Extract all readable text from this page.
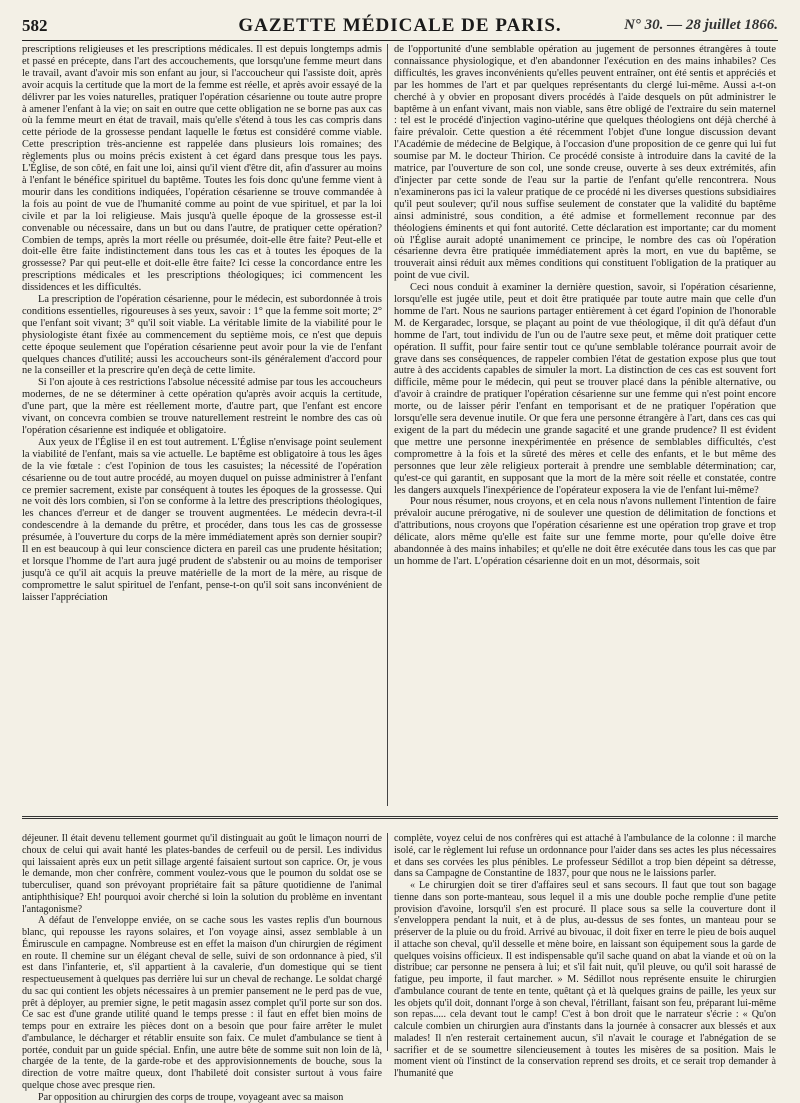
582	GAZETTE MÉDICALE DE PARIS.	N° 30. — 28 juillet 1866.

prescriptions religieuses et les prescriptions médicales. Il est depuis longtemps admis et passé en précepte, dans l'art des accouchements, que lorsqu'une femme meurt dans le travail, avant d'avoir mis son enfant au jour, si l'accoucheur qui l'assiste doit, après avoir acquis la certitude que la mort de la femme est réelle, et après avoir essayé de la délivrer par les voies naturelles, pratiquer l'opération césarienne ou toute autre propre à amener l'enfant à la vie; on sait en outre que cette obligation ne se borne pas aux cas où la femme meurt en état de travail, mais qu'elle s'étend à tous les cas compris dans cette période de la grossesse pendant laquelle le fœtus est considéré comme viable. Cette prescription très-ancienne est rappelée dans plusieurs lois romaines; des règlements plus ou moins précis existent à cet égard dans presque tous les pays. L'Église, de son côté, en fait une loi, ainsi qu'il vient d'être dit, afin d'assurer au moins à l'enfant le bénéfice spirituel du baptême. Toutes les fois donc qu'une femme vient à mourir dans les conditions indiquées, l'opération césarienne se trouve commandée à la fois au point de vue de l'humanité comme au point de vue spirituel, et par la loi civile et par la loi religieuse. Mais jusqu'à quelle époque de la grossesse est-il convenable ou nécessaire, dans un but ou dans l'autre, de pratiquer cette opération? Combien de temps, après la mort réelle ou présumée, doit-elle être faite? Peut-elle et doit-elle être faite indistinctement dans tous les cas et à toutes les époques de la grossesse? Par qui peut-elle et doit-elle être faite? Ici cesse la concordance entre les prescriptions médicales et les prescriptions théologiques; ici commencent les dissidences et les difficultés.

La prescription de l'opération césarienne, pour le médecin, est subordonnée à trois conditions essentielles, rigoureuses à ses yeux, savoir : 1° que la femme soit morte; 2° que l'enfant soit vivant; 3° qu'il soit viable. La véritable limite de la viabilité pour le physiologiste étant fixée au commencement du septième mois, ce n'est que depuis cette époque seulement que l'opération césarienne peut avoir pour la vie de l'enfant quelques chances d'utilité; aussi les accoucheurs sont-ils généralement d'accord pour ne la conseiller et la prescrire qu'en deçà de cette limite.

Si l'on ajoute à ces restrictions l'absolue nécessité admise par tous les accoucheurs modernes, de ne se déterminer à cette opération qu'après avoir acquis la certitude, d'une part, que la mère est réellement morte, d'autre part, que l'enfant est encore vivant, on concevra combien se trouve naturellement restreint le nombre des cas où l'opération césarienne est indiquée et obligatoire.

Aux yeux de l'Église il en est tout autrement. L'Église n'envisage point seulement la viabilité de l'enfant, mais sa vie actuelle. Le baptême est obligatoire à tous les âges de la vie fœtale : c'est l'opinion de tous les casuistes; la nécessité de l'opération césarienne ou de tout autre procédé, au moyen duquel on puisse administrer à l'enfant ce premier sacrement, existe par conséquent à toutes les époques de la grossesse. Qui ne voit dès lors combien, si l'on se conforme à la lettre des prescriptions théologiques, les chances d'erreur et de danger se trouvent augmentées. Le médecin devra-t-il condescendre à la demande du prêtre, et procéder, dans tous les cas de grossesse présumée, à l'ouverture du corps de la mère immédiatement après son dernier soupir? Il en est beaucoup à qui leur conscience dictera en pareil cas une prudente hésitation; et lorsque l'homme de l'art aura jugé prudent de s'abstenir ou au moins de temporiser jusqu'à ce qu'il ait acquis la preuve matérielle de la mort de la mère, au risque de compromettre le salut spirituel de l'enfant, pense-t-on qu'il soit sans inconvénient de laisser l'appréciation

de l'opportunité d'une semblable opération au jugement de personnes étrangères à toute connaissance physiologique, et d'en abandonner l'exécution en des mains inhabiles? Ces difficultés, les graves inconvénients qu'elles peuvent entraîner, ont été sentis et appréciés et par les hommes de l'art et par quelques représentants du clergé lui-même. Aussi a-t-on cherché à y obvier en proposant divers procédés à l'aide desquels on pût administrer le baptême à un enfant vivant, mais non viable, sans être obligé de l'extraire du sein maternel : tel est le procédé d'injection vagino-utérine que quelques théologiens ont déjà cherché à faire prévaloir. Cette question a été récemment l'objet d'une longue discussion devant l'Académie de médecine de Belgique, à l'occasion d'une proposition de ce genre qui lui fut soumise par M. le docteur Thirion. Ce procédé consiste à introduire dans la cavité de la matrice, par l'ouverture de son col, une sonde creuse, ouverte à ses deux extrémités, afin d'injecter par cette sonde de l'eau sur la partie de l'enfant qu'elle rencontrera. Nous n'examinerons pas ici la valeur pratique de ce procédé ni les diverses questions subsidiaires qu'il peut soulever; qu'il nous suffise seulement de constater que la validité du baptême ainsi administré, sous condition, a été admise et formellement reconnue par des théologiens éminents et qui font autorité. Cette déclaration est importante; car du moment où l'Église aurait adopté unanimement ce principe, le nombre des cas où l'opération césarienne devra être pratiquée immédiatement après la mort, en vue du baptême, se trouverait ainsi réduit aux mêmes conditions qui constituent l'obligation de la pratiquer au point de vue civil.

Ceci nous conduit à examiner la dernière question, savoir, si l'opération césarienne, lorsqu'elle est jugée utile, peut et doit être pratiquée par toute autre main que celle d'un homme de l'art. Nous ne saurions partager entièrement à cet égard l'opinion de l'honorable M. de Kergaradec, lorsque, se plaçant au point de vue théologique, il dit qu'à défaut d'un homme de l'art, tout individu de l'un ou de l'autre sexe peut, et même doit pratiquer cette opération. Il suffit, pour faire sentir tout ce qu'une semblable tolérance pourrait avoir de grave dans ses conséquences, de rappeler combien l'état de gestation expose plus que tout autre à des accidents capables de simuler la mort. La distinction de ces cas est souvent fort difficile, même pour le médecin, qui peut se trouver placé dans la pénible alternative, ou d'avoir à craindre de pratiquer l'opération césarienne sur une femme qui n'est point encore morte, ou de laisser périr l'enfant en temporisant et de ne pratiquer l'opération que lorsqu'elle sera devenue inutile. Or que fera une personne étrangère à l'art, dans ces cas qui exigent de la part du médecin une grande sagacité et une grande prudence? Il est évident que mettre une personne inexpérimentée en présence de semblables difficultés, c'est compromettre à la fois et la sûreté des mères et celle des enfants, et le but même des personnes que leur zèle religieux porterait à prendre une semblable détermination; car, qu'est-ce qui garantit, en supposant que la mort de la mère soit réelle et constatée, contre les dangers auxquels l'inexpérience de l'opérateur exposera la vie de l'enfant lui-même?

Pour nous résumer, nous croyons, et en cela nous n'avons nullement l'intention de faire prévaloir aucune prérogative, ni de soulever une question de délimitation de fonctions et d'attributions, nous croyons que l'opération césarienne est une opération trop grave et trop délicate, alors même qu'elle est faite sur une femme morte, pour qu'elle doive être abandonnée à des mains inhabiles; et qu'elle ne doit être exécutée dans tous les cas que par un homme de l'art. L'opération césarienne doit en un mot, désormais, soit

déjeuner. Il était devenu tellement gourmet qu'il distinguait au goût le limaçon nourri de choux de celui qui avait hanté les plates-bandes de cerfeuil ou de persil. Les individus qui laissaient après eux un petit sillage argenté faisaient surtout son caprice. Or, je vous le demande, mon cher confrère, comment voulez-vous que le poumon du soldat ose se tuberculiser, quand son prévoyant propriétaire fait sa pâture quotidienne de l'animal antiphthisique? Eh! pourquoi avoir cherché si loin la solution du problème en inventant l'antagonisme?

A défaut de l'enveloppe enviée, on se cache sous les vastes replis d'un bournous blanc, qui repousse les rayons solaires, et l'on voyage ainsi, assez semblable à un Émiruscule en campagne. Nombreuse est en effet la maison d'un chirurgien de régiment en route. Il chemine sur un élégant cheval de selle, suivi de son ordonnance à pied, s'il est dans l'infanterie, et, s'il appartient à la cavalerie, d'un domestique qui se tient respectueusement à quelques pas derrière lui sur un cheval de rechange. Le soldat chargé du sac qui contient les objets nécessaires à un premier pansement ne le perd pas de vue, prêt à déployer, au premier signe, le petit magasin assez complet qu'il porte sur son dos. Ce sac est d'une grande utilité quand le temps presse : il faut en effet bien moins de temps pour en extraire les pièces dont on a besoin que pour faire arrêter le mulet d'ambulance, le décharger et rétablir ensuite son faix. Ce mulet d'ambulance se tient à portée, conduit par un guide spécial. Enfin, une autre bête de somme suit non loin de là, chargée de la tente, de la garde-robe et des approvisionnements de bouche, sous la direction de votre maître queux, dont l'habileté doit consister surtout à vous faire quelque chose avec presque rien.

Par opposition au chirurgien des corps de troupe, voyageant avec sa maison

complète, voyez celui de nos confrères qui est attaché à l'ambulance de la colonne : il marche isolé, car le règlement lui refuse un ordonnance pour l'aider dans ses actes les plus nécessaires et dans ses corvées les plus pénibles. Le professeur Sédillot a trop bien dépeint sa détresse, dans sa Campagne de Constantine de 1837, pour que nous ne le laissions parler.

« Le chirurgien doit se tirer d'affaires seul et sans secours. Il faut que tout son bagage tienne dans son porte-manteau, sous lequel il a mis une double poche remplie d'une petite provision d'avoine, lorsqu'il s'en est procuré. Il place sous sa selle la couverture dont il s'enveloppera pendant la nuit, et à de plus, au-dessus de ses fontes, un manteau pour se préserver de la pluie ou du froid. Arrivé au bivouac, il doit fixer en terre le pieu de bois auquel il attache son cheval, qu'il desselle et mène boire, en laissant son équipement sous la garde de quelques voisins officieux. Il est indispensable qu'il sache quand on abat la viande et où on la distribue; car personne ne pensera à lui; et s'il fait nuit, qu'il pleuve, ou qu'il soit harassé de fatigue, peu importe, il faut marcher. » M. Sédillot nous représente ensuite le chirurgien d'ambulance courant de tente en tente, quêtant çà et là quelques grains de paille, les yeux sur les objets qu'il doit, donnant l'orge à son cheval, l'étrillant, faisant son feu, préparant lui-même son repas..... cela devant tout le camp! C'est à bon droit que le narrateur s'écrie : « Qu'on calcule combien un chirurgien aura d'instants dans la journée à consacrer aux blessés et aux malades! Il n'en resterait certainement aucun, s'il n'avait le courage et l'abnégation de se sacrifier et de se soumettre silencieusement à toutes les misères de sa position. Mais le moment vient où l'instinct de la conservation reprend ses droits, et ce serait trop demander à l'humanité que
